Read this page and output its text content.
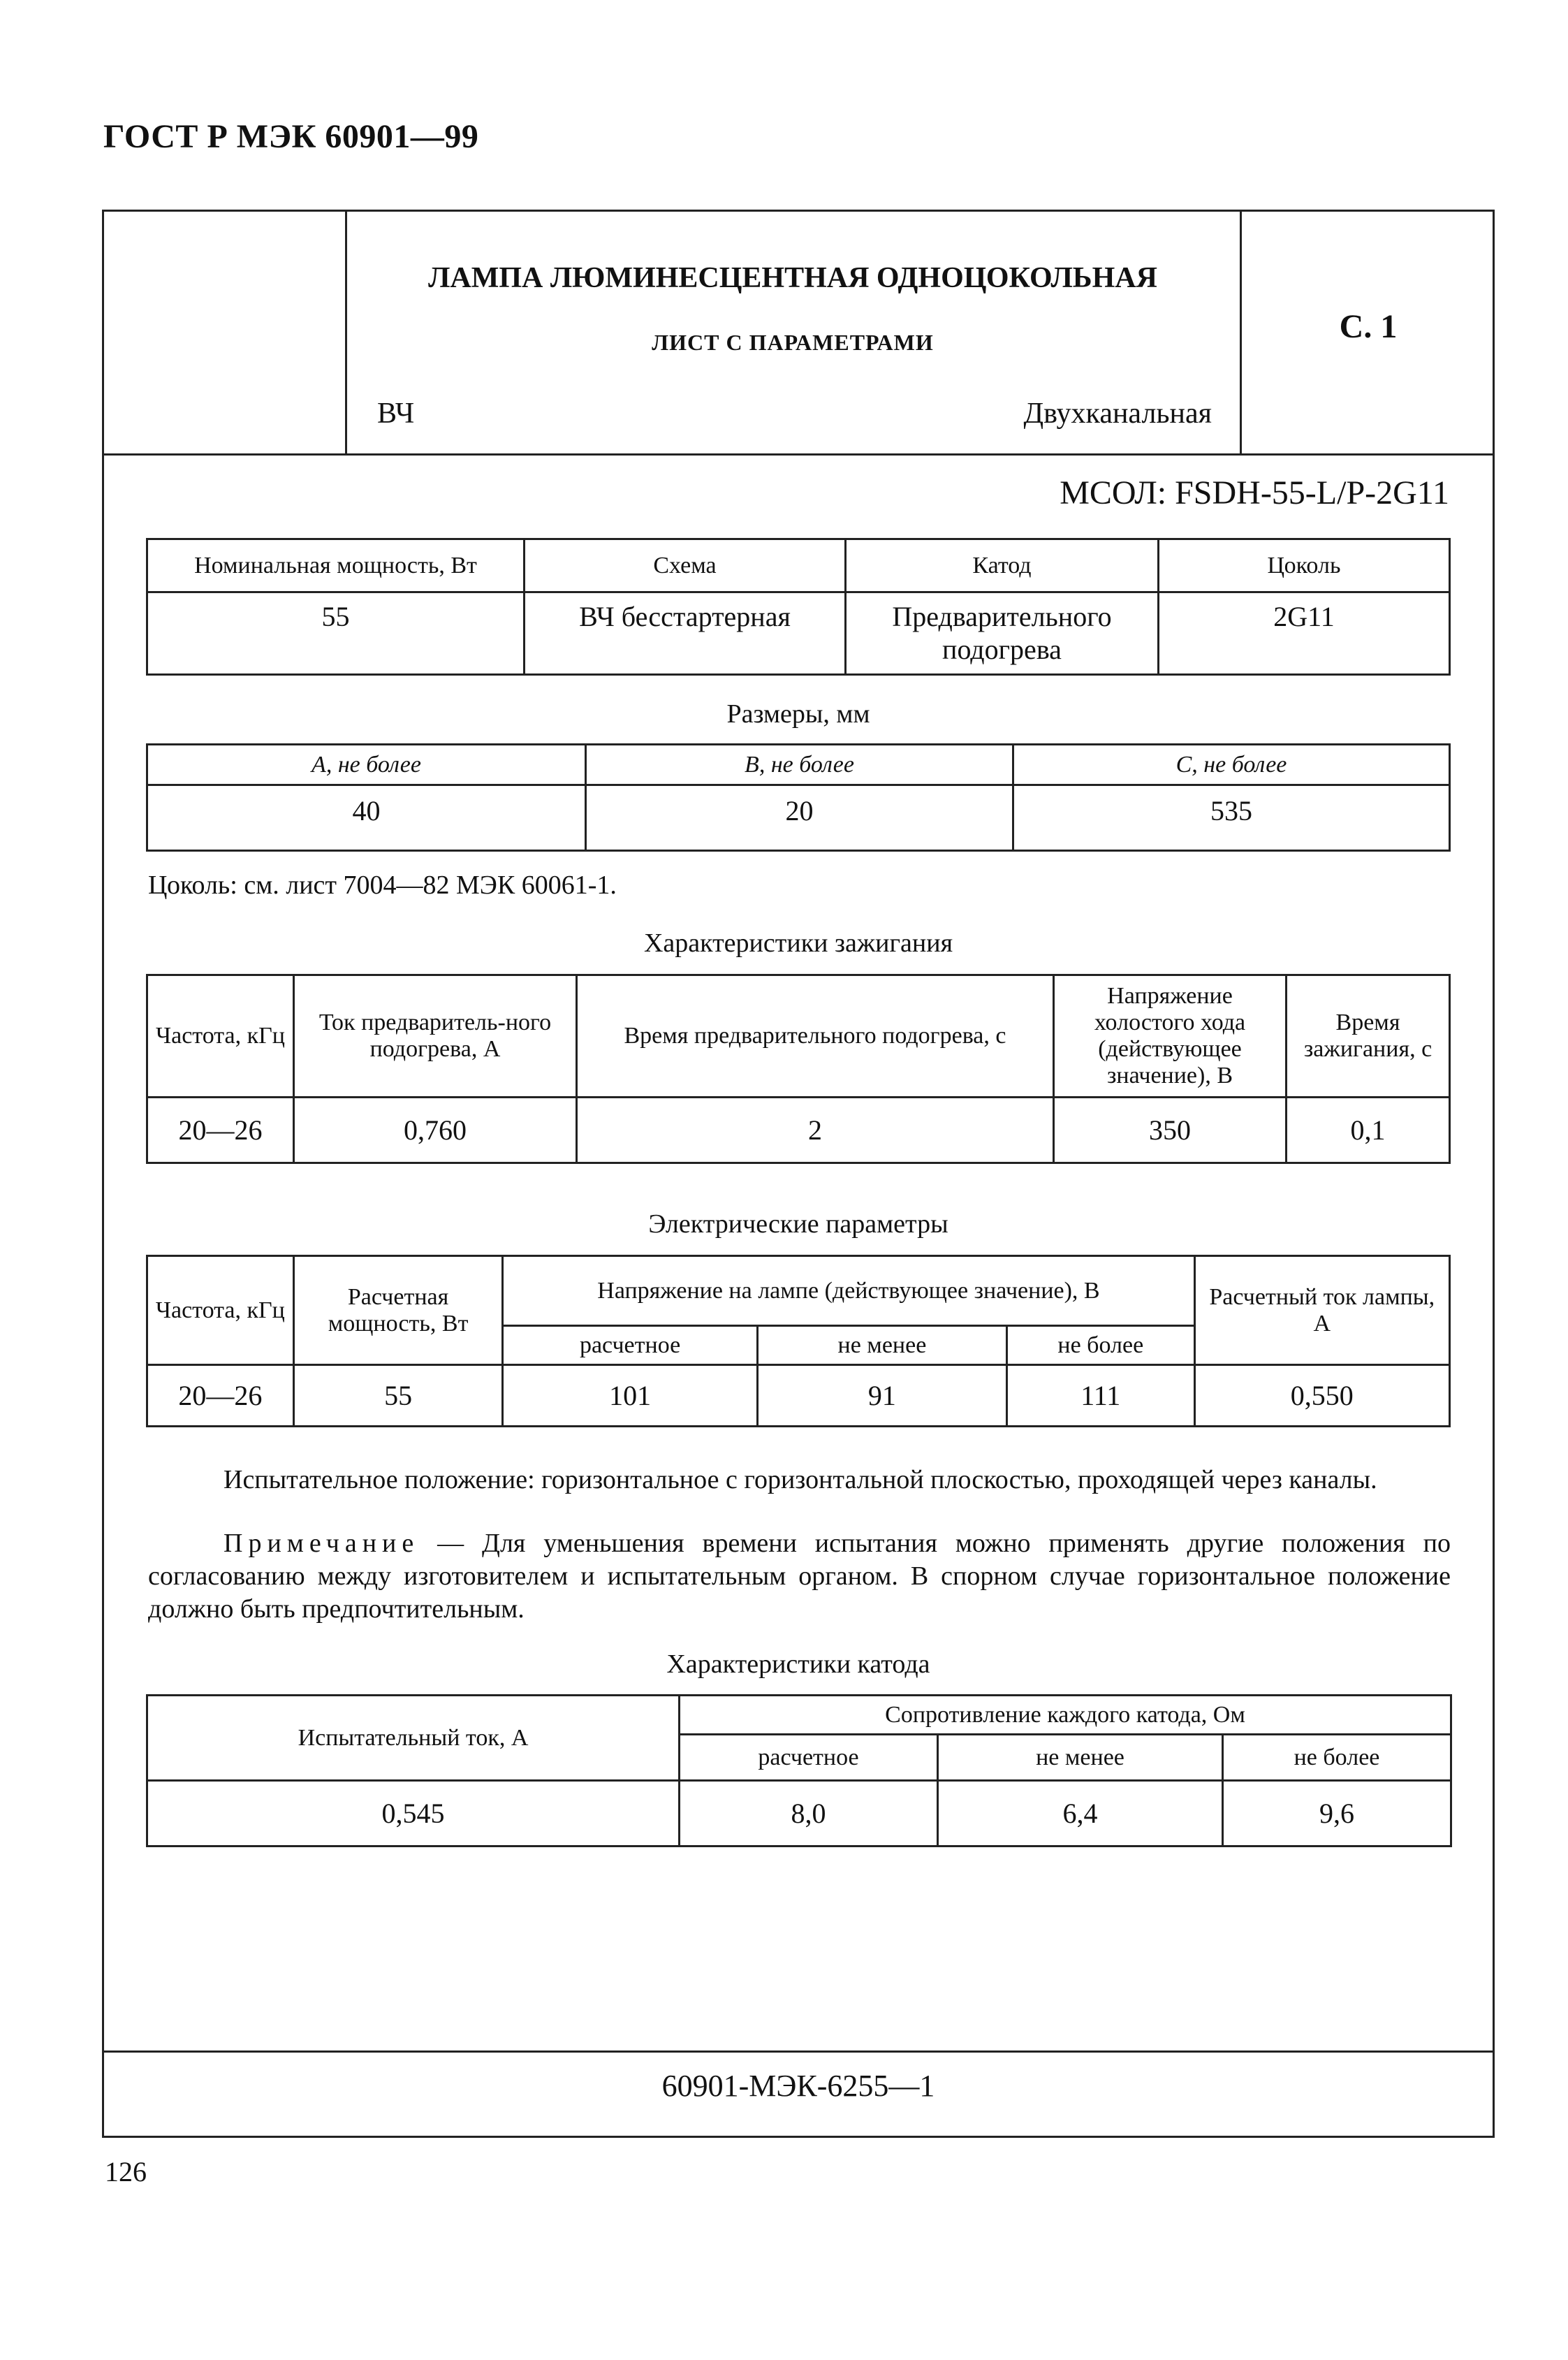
ГОСТ Р МЭК 60901—99
ЛАМПА ЛЮМИНЕСЦЕНТНАЯ ОДНОЦОКОЛЬНАЯ
ЛИСТ С ПАРАМЕТРАМИ
ВЧ	Двухканальная
С. 1
МСОЛ: FSDH-55-L/P-2G11
Номинальная мощность, Вт	Схема	Катод	Цоколь
55	ВЧ бесстартерная	Предварительного подогрева	2G11
Размеры, мм
А, не более	В, не более	С, не более
40	20	535
Цоколь: см. лист 7004—82 МЭК 60061-1.
Характеристики зажигания
Частота, кГц	Ток предваритель-ного подогрева, А	Время предварительного подогрева, с	Напряжение холостого хода (действующее значение), В	Время зажигания, с
20—26	0,760	2	350	0,1
Электрические параметры
Частота, кГц	Расчетная мощность, Вт	Напряжение на лампе (действующее значение), В			Расчетный ток лампы, А
		расчетное	не менее	не более	
20—26	55	101	91	111	0,550
Испытательное положение: горизонтальное с горизонтальной плоскостью, проходящей через каналы.
Примечание — Для уменьшения времени испытания можно применять другие положения по согласованию между изготовителем и испытательным органом. В спорном случае горизонтальное положение должно быть предпочтительным.
Характеристики катода
Испытательный ток, А	Сопротивление каждого катода, Ом		
	расчетное	не менее	не более
0,545	8,0	6,4	9,6
60901-МЭК-6255—1
126
